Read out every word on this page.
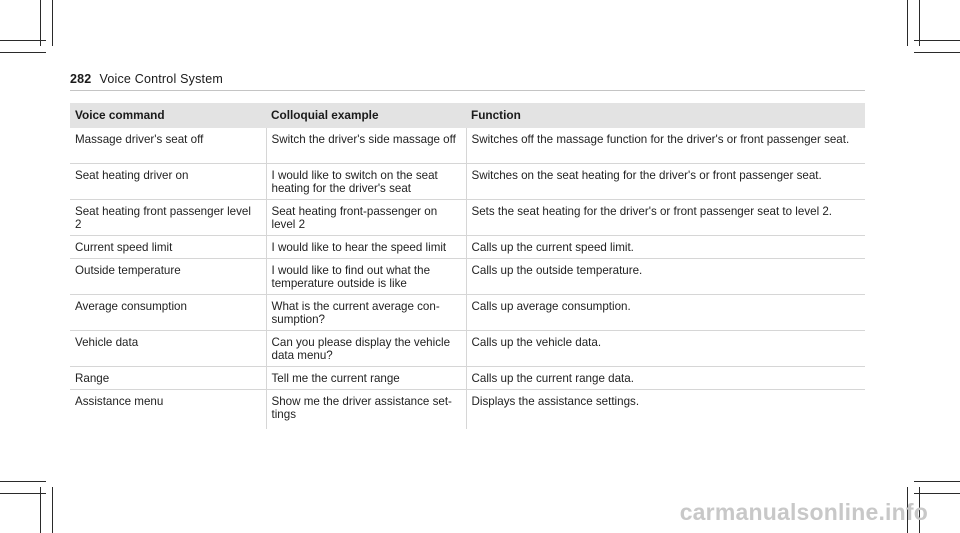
282 Voice Control System
Voice command	Colloquial example	Function
Massage driver's seat off	Switch the driver's side massage off	Switches off the massage function for the driver's or front passenger seat.
Seat heating driver on	I would like to switch on the seat heating for the driver's seat	Switches on the seat heating for the driver's or front passenger seat.
Seat heating front passenger level 2	Seat heating front-passenger on level 2	Sets the seat heating for the driver's or front passenger seat to level 2.
Current speed limit	I would like to hear the speed limit	Calls up the current speed limit.
Outside temperature	I would like to find out what the temperature outside is like	Calls up the outside temperature.
Average consumption	What is the current average con-sumption?	Calls up average consumption.
Vehicle data	Can you please display the vehicle data menu?	Calls up the vehicle data.
Range	Tell me the current range	Calls up the current range data.
Assistance menu	Show me the driver assistance set-tings	Displays the assistance settings.
carmanualsonline.info
